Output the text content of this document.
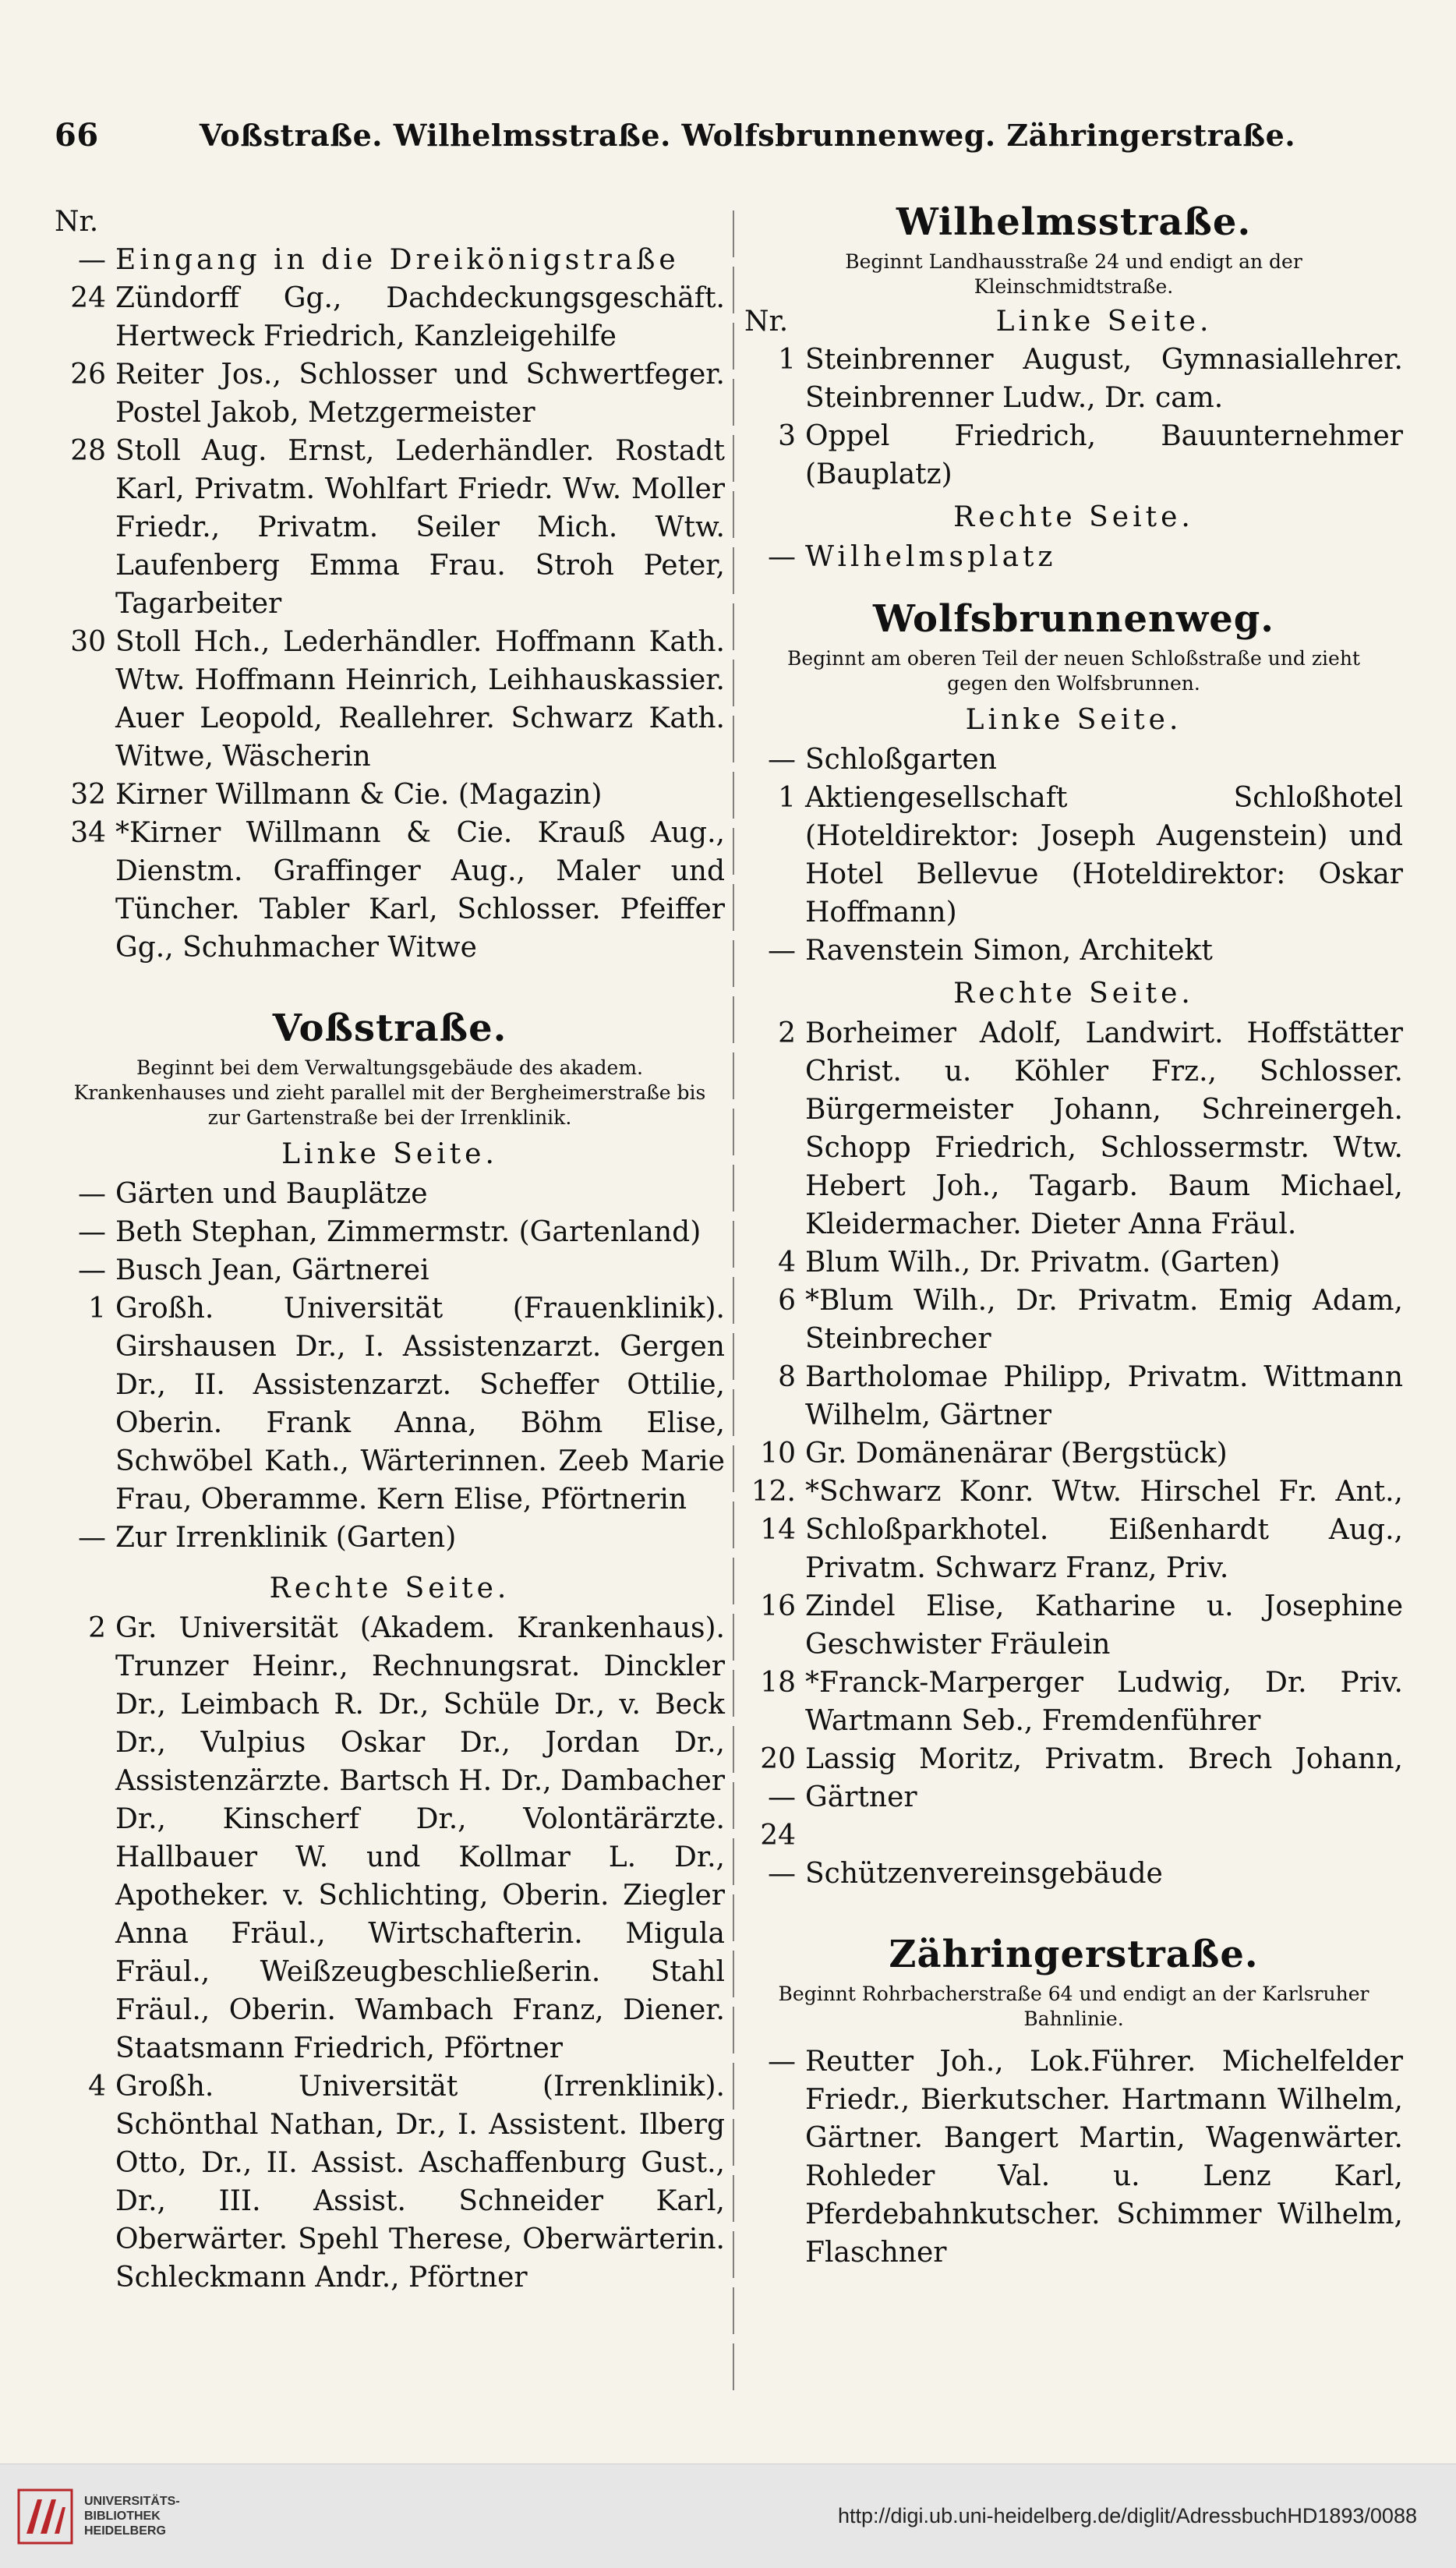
66	Voßstraße. Wilhelmsstraße. Wolfsbrunnenweg. Zähringerstraße.
Nr.
— Eingang in die Dreikönigstraße
24 Zündorff Gg., Dachdeckungsgeschäft. Hertweck Friedrich, Kanzleigehilfe
26 Reiter Jos., Schlosser und Schwertfeger. Postel Jakob, Metzgermeister
28 Stoll Aug. Ernst, Lederhändler. Rostadt Karl, Privatm. Wohlfart Friedr. Ww. Moller Friedr., Privatm. Seiler Mich. Wtw. Laufenberg Emma Frau. Stroh Peter, Tagarbeiter
30 Stoll Hch., Lederhändler. Hoffmann Kath. Wtw. Hoffmann Heinrich, Leihhauskassier. Auer Leopold, Reallehrer. Schwarz Kath. Witwe, Wäscherin
32 Kirner Willmann & Cie. (Magazin)
34 *Kirner Willmann & Cie. Krauß Aug., Dienstm. Graffinger Aug., Maler und Tüncher. Tabler Karl, Schlosser. Pfeiffer Gg., Schuhmacher Witwe
Voßstraße.
Beginnt bei dem Verwaltungsgebäude des akadem. Krankenhauses und zieht parallel mit der Bergheimerstraße bis zur Gartenstraße bei der Irrenklinik.
Linke Seite.
— Gärten und Bauplätze
— Beth Stephan, Zimmermstr. (Gartenland)
— Busch Jean, Gärtnerei
1 Großh. Universität (Frauenklinik). Girshausen Dr., I. Assistenzarzt. Gergen Dr., II. Assistenzarzt. Scheffer Ottilie, Oberin. Frank Anna, Böhm Elise, Schwöbel Kath., Wärterinnen. Zeeb Marie Frau, Oberamme. Kern Elise, Pförtnerin
— Zur Irrenklinik (Garten)
Rechte Seite.
2 Gr. Universität (Akadem. Krankenhaus). Trunzer Heinr., Rechnungsrat. Dinckler Dr., Leimbach R. Dr., Schüle Dr., v. Beck Dr., Vulpius Oskar Dr., Jordan Dr., Assistenzärzte. Bartsch H. Dr., Dambacher Dr., Kinscherf Dr., Volontärärzte. Hallbauer W. und Kollmar L. Dr., Apotheker. v. Schlichting, Oberin. Ziegler Anna Fräul., Wirtschafterin. Migula Fräul., Weißzeugbeschließerin. Stahl Fräul., Oberin. Wambach Franz, Diener. Staatsmann Friedrich, Pförtner
4 Großh. Universität (Irrenklinik). Schönthal Nathan, Dr., I. Assistent. Ilberg Otto, Dr., II. Assist. Aschaffenburg Gust., Dr., III. Assist. Schneider Karl, Oberwärter. Spehl Therese, Oberwärterin. Schleckmann Andr., Pförtner
Wilhelmsstraße.
Beginnt Landhausstraße 24 und endigt an der Kleinschmidtstraße.
Nr.	Linke Seite.
1 Steinbrenner August, Gymnasiallehrer. Steinbrenner Ludw., Dr. cam.
3 Oppel Friedrich, Bauunternehmer (Bauplatz)
Rechte Seite.
— Wilhelmsplatz
Wolfsbrunnenweg.
Beginnt am oberen Teil der neuen Schloßstraße und zieht gegen den Wolfsbrunnen.
Linke Seite.
— Schloßgarten
1 Aktiengesellschaft Schloßhotel (Hoteldirektor: Joseph Augenstein) und Hotel Bellevue (Hoteldirektor: Oskar Hoffmann)
— Ravenstein Simon, Architekt
Rechte Seite.
2 Borheimer Adolf, Landwirt. Hoffstätter Christ. u. Köhler Frz., Schlosser. Bürgermeister Johann, Schreinergeh. Schopp Friedrich, Schlossermstr. Wtw. Hebert Joh., Tagarb. Baum Michael, Kleidermacher. Dieter Anna Fräul.
4 Blum Wilh., Dr. Privatm. (Garten)
6 *Blum Wilh., Dr. Privatm. Emig Adam, Steinbrecher
8 Bartholomae Philipp, Privatm. Wittmann Wilhelm, Gärtner
10 Gr. Domänenärar (Bergstück)
12. 14
*Schwarz Konr. Wtw. Hirschel Fr. Ant., Schloßparkhotel. Eißenhardt Aug., Privatm. Schwarz Franz, Priv.
16 Zindel Elise, Katharine u. Josephine Geschwister Fräulein
18 *Franck-Marperger Ludwig, Dr. Priv. Wartmann Seb., Fremdenführer
20—24
Lassig Moritz, Privatm. Brech Johann, Gärtner
— Schützenvereinsgebäude
Zähringerstraße.
Beginnt Rohrbacherstraße 64 und endigt an der Karlsruher Bahnlinie.
— Reutter Joh., Lok.Führer. Michelfelder Friedr., Bierkutscher. Hartmann Wilhelm, Gärtner. Bangert Martin, Wagenwärter. Rohleder Val. u. Lenz Karl, Pferdebahnkutscher. Schimmer Wilhelm, Flaschner
UNIVERSITÄTS-
BIBLIOTHEK
HEIDELBERG
http://digi.ub.uni-heidelberg.de/diglit/AdressbuchHD1893/0088
